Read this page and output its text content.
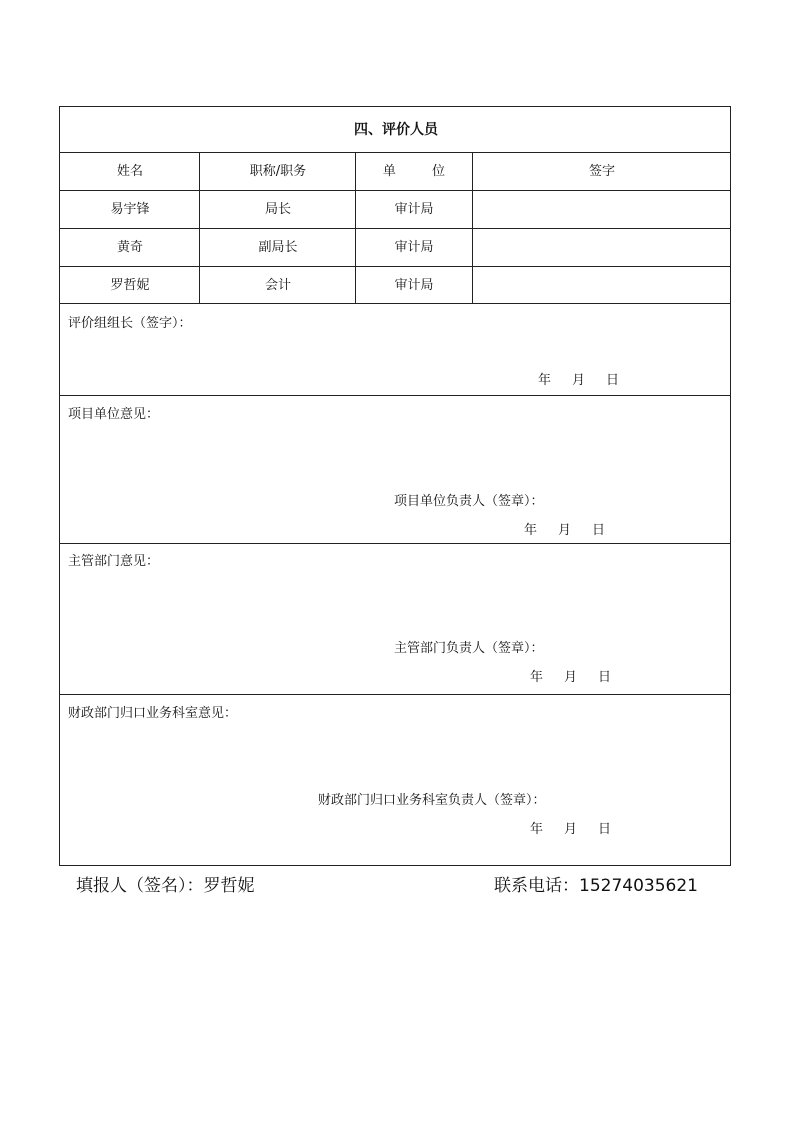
四、评价人员
姓名	职称/职务	单 位	签字
易宇锋	局长	审计局
黄奇	副局长	审计局
罗哲妮	会计	审计局
评价组组长（签字）：
年 月 日
项目单位意见：
项目单位负责人（签章）：
年 月 日
主管部门意见：
主管部门负责人（签章）：
年 月 日
财政部门归口业务科室意见：
财政部门归口业务科室负责人（签章）：
年 月 日
填报人（签名）：罗哲妮	联系电话：15274035621
